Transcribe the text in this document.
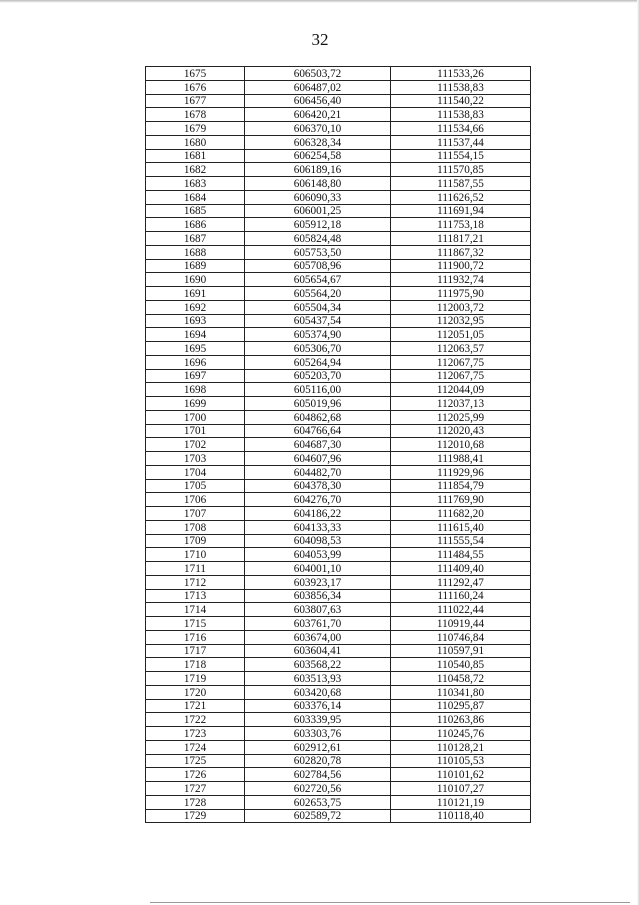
32
1675	606503,72	111533,26
1676	606487,02	111538,83
1677	606456,40	111540,22
1678	606420,21	111538,83
1679	606370,10	111534,66
1680	606328,34	111537,44
1681	606254,58	111554,15
1682	606189,16	111570,85
1683	606148,80	111587,55
1684	606090,33	111626,52
1685	606001,25	111691,94
1686	605912,18	111753,18
1687	605824,48	111817,21
1688	605753,50	111867,32
1689	605708,96	111900,72
1690	605654,67	111932,74
1691	605564,20	111975,90
1692	605504,34	112003,72
1693	605437,54	112032,95
1694	605374,90	112051,05
1695	605306,70	112063,57
1696	605264,94	112067,75
1697	605203,70	112067,75
1698	605116,00	112044,09
1699	605019,96	112037,13
1700	604862,68	112025,99
1701	604766,64	112020,43
1702	604687,30	112010,68
1703	604607,96	111988,41
1704	604482,70	111929,96
1705	604378,30	111854,79
1706	604276,70	111769,90
1707	604186,22	111682,20
1708	604133,33	111615,40
1709	604098,53	111555,54
1710	604053,99	111484,55
1711	604001,10	111409,40
1712	603923,17	111292,47
1713	603856,34	111160,24
1714	603807,63	111022,44
1715	603761,70	110919,44
1716	603674,00	110746,84
1717	603604,41	110597,91
1718	603568,22	110540,85
1719	603513,93	110458,72
1720	603420,68	110341,80
1721	603376,14	110295,87
1722	603339,95	110263,86
1723	603303,76	110245,76
1724	602912,61	110128,21
1725	602820,78	110105,53
1726	602784,56	110101,62
1727	602720,56	110107,27
1728	602653,75	110121,19
1729	602589,72	110118,40
